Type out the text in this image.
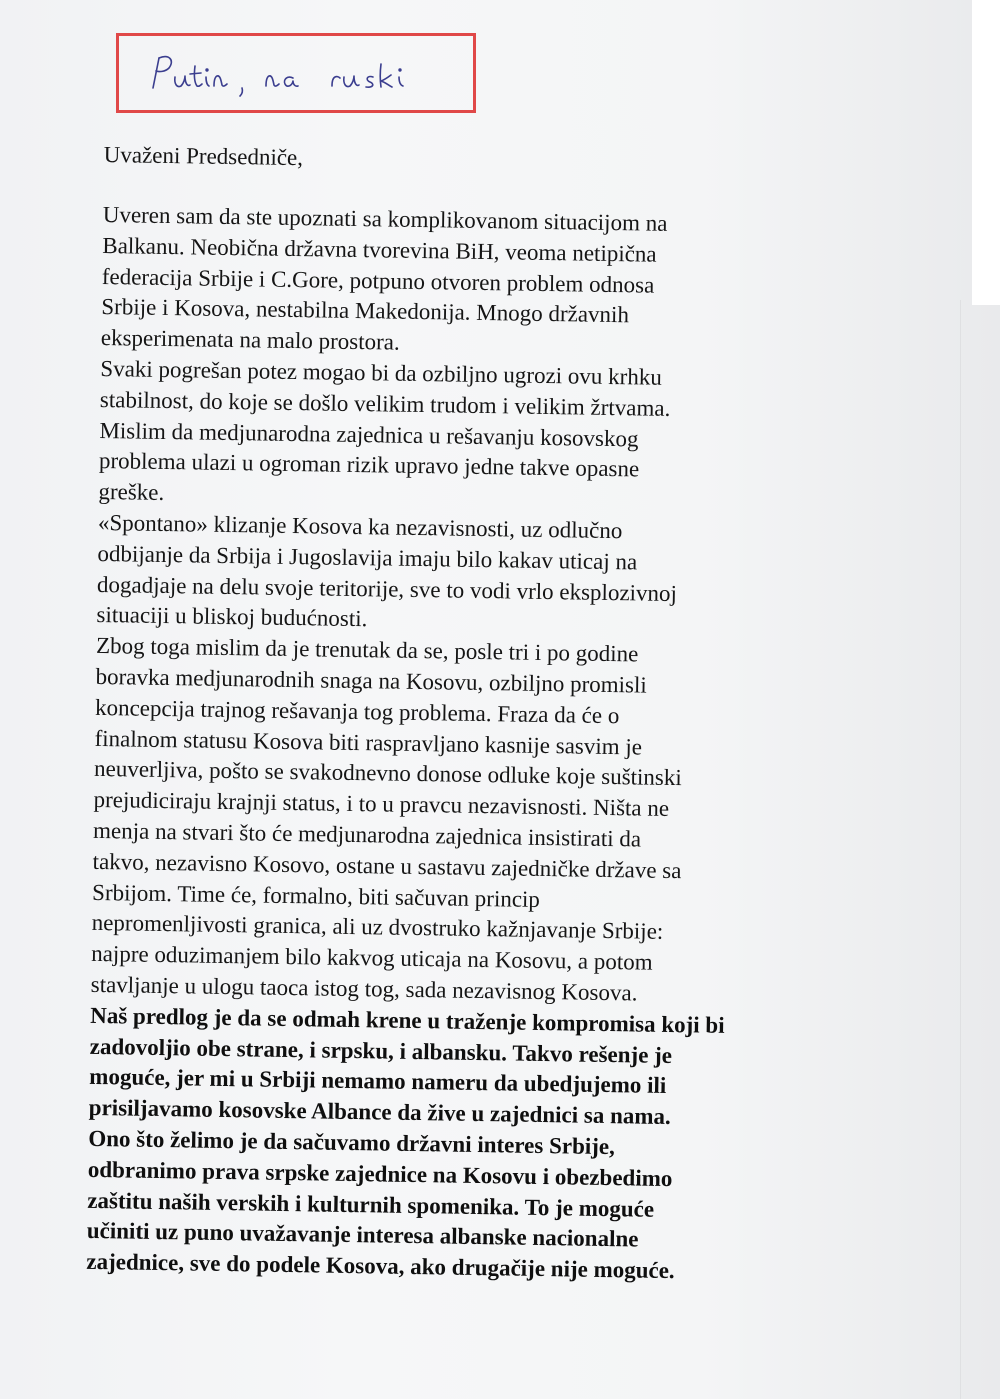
Uvaženi Predsedniče,

Uveren sam da ste upoznati sa komplikovanom situacijom na

Balkanu. Neobična državna tvorevina BiH, veoma netipična

federacija Srbije i C.Gore, potpuno otvoren problem odnosa

Srbije i Kosova, nestabilna Makedonija. Mnogo državnih

eksperimenata na malo prostora.

Svaki pogrešan potez mogao bi da ozbiljno ugrozi ovu krhku

stabilnost, do koje se došlo velikim trudom i velikim žrtvama.

Mislim da medjunarodna zajednica u rešavanju kosovskog

problema ulazi u ogroman rizik upravo jedne takve opasne

greške.

«Spontano» klizanje Kosova ka nezavisnosti, uz odlučno

odbijanje da Srbija i Jugoslavija imaju bilo kakav uticaj na

dogadjaje na delu svoje teritorije, sve to vodi vrlo eksplozivnoj

situaciji u bliskoj budućnosti.

Zbog toga mislim da je trenutak da se, posle tri i po godine

boravka medjunarodnih snaga na Kosovu, ozbiljno promisli

koncepcija trajnog rešavanja tog problema. Fraza da će o

finalnom statusu Kosova biti raspravljano kasnije sasvim je

neuverljiva, pošto se svakodnevno donose odluke koje suštinski

prejudiciraju krajnji status, i to u pravcu nezavisnosti. Ništa ne

menja na stvari što će medjunarodna zajednica insistirati da

takvo, nezavisno Kosovo, ostane u sastavu zajedničke države sa

Srbijom. Time će, formalno, biti sačuvan princip

nepromenljivosti granica, ali uz dvostruko kažnjavanje Srbije:

najpre oduzimanjem bilo kakvog uticaja na Kosovu, a potom

stavljanje u ulogu taoca istog tog, sada nezavisnog Kosova.

Naš predlog je da se odmah krene u traženje kompromisa koji bi

zadovoljio obe strane, i srpsku, i albansku. Takvo rešenje je

moguće, jer mi u Srbiji nemamo nameru da ubedjujemo ili

prisiljavamo kosovske Albance da žive u zajednici sa nama.

Ono što želimo je da sačuvamo državni interes Srbije,

odbranimo prava srpske zajednice na Kosovu i obezbedimo

zaštitu naših verskih i kulturnih spomenika. To je moguće

učiniti uz puno uvažavanje interesa albanske nacionalne

zajednice, sve do podele Kosova, ako drugačije nije moguće.
